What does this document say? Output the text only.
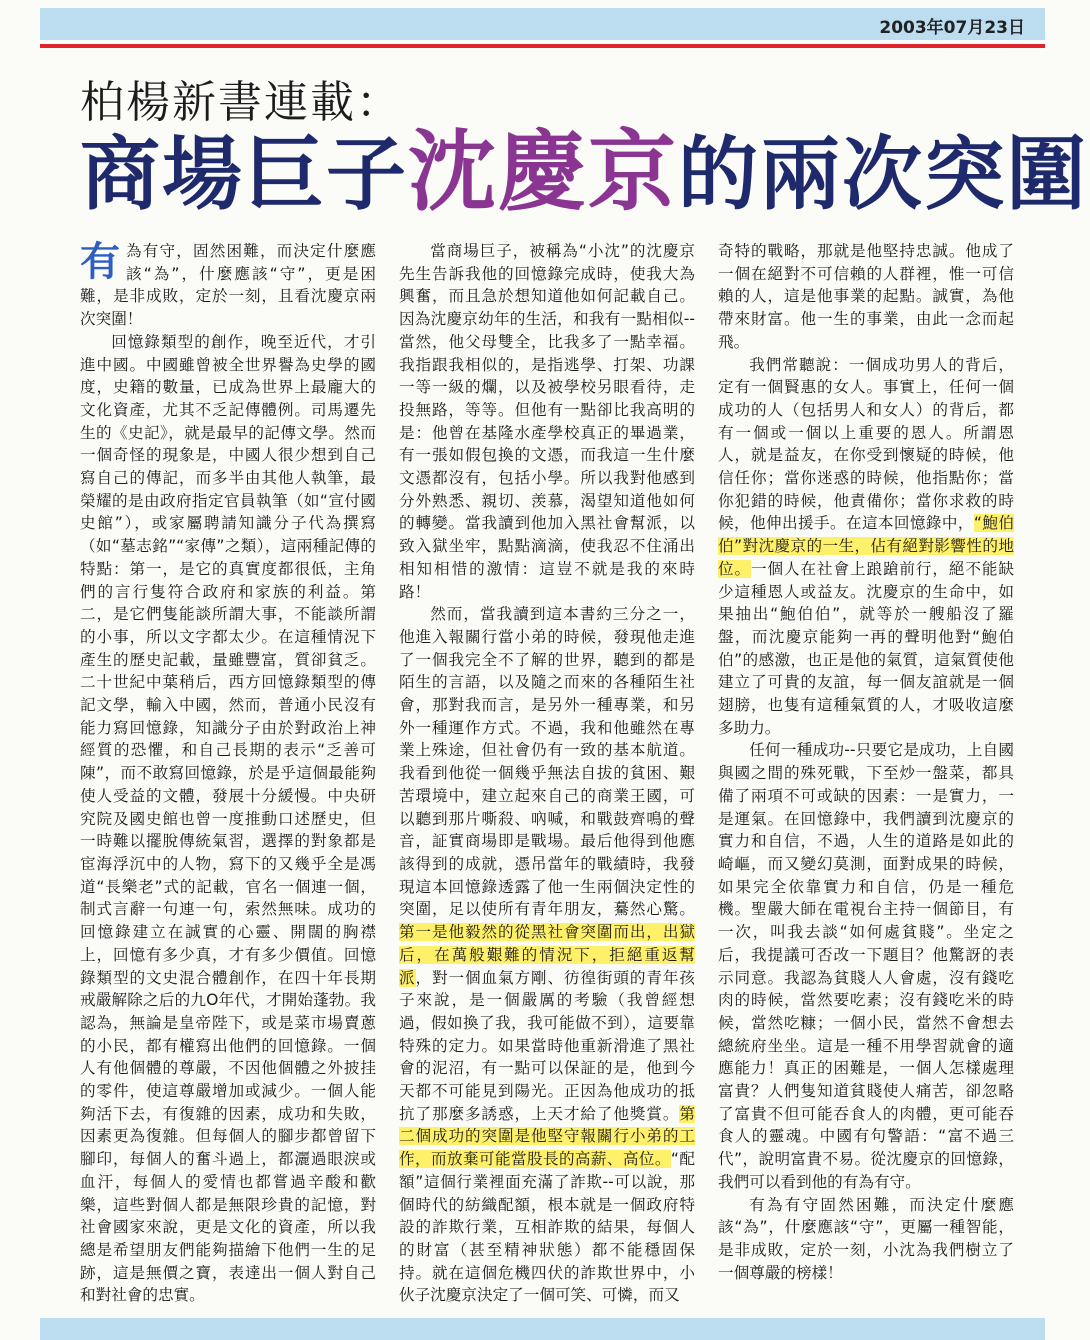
2003年07月23日
柏楊新書連載：
商場巨子沈慶京的兩次突圍

有為有守，固然困難，而決定什麼應該“為”，什麼應該“守”，更是困難，是非成敗，定於一刻，且看沈慶京兩次突圍！

回憶錄類型的創作，晚至近代，才引進中國。中國雖曾被全世界譽為史學的國度，史籍的數量，已成為世界上最龐大的文化資產，尤其不乏記傳體例。司馬遷先生的《史記》，就是最早的記傳文學。然而一個奇怪的現象是，中國人很少想到自己寫自己的傳記，而多半由其他人執筆，最榮耀的是由政府指定官員執筆（如“宣付國史館”），或家屬聘請知識分子代為撰寫（如“墓志銘”“家傳”之類），這兩種記傳的特點：第一，是它的真實度都很低，主角們的言行隻符合政府和家族的利益。第二，是它們隻能談所謂大事，不能談所謂的小事，所以文字都太少。在這種情況下產生的歷史記載，量雖豐富，質卻貧乏。二十世紀中葉稍后，西方回憶錄類型的傳記文學，輸入中國，然而，普通小民沒有能力寫回憶錄，知識分子由於對政治上神經質的恐懼，和自己長期的表示“乏善可陳”，而不敢寫回憶錄，於是乎這個最能夠使人受益的文體，發展十分緩慢。中央研究院及國史館也曾一度推動口述歷史，但一時難以擺脫傳統氣習，選擇的對象都是宦海浮沉中的人物，寫下的又幾乎全是馮道“長樂老”式的記載，官名一個連一個，制式言辭一句連一句，索然無味。成功的回憶錄建立在誠實的心靈、開闊的胸襟上，回憶有多少真，才有多少價值。回憶錄類型的文史混合體創作，在四十年長期戒嚴解除之后的九O年代，才開始蓬勃。我認為，無論是皇帝陛下，或是菜市場賣蔥的小民，都有權寫出他們的回憶錄。一個人有他個體的尊嚴，不因他個體之外披挂的零件，使這尊嚴增加或減少。一個人能夠活下去，有復雜的因素，成功和失敗，因素更為復雜。但每個人的腳步都曾留下腳印，每個人的奮斗過上，都灑過眼淚或血汗，每個人的愛情也都嘗過辛酸和歡樂，這些對個人都是無限珍貴的記憶，對社會國家來說，更是文化的資產，所以我總是希望朋友們能夠描繪下他們一生的足跡，這是無價之寶，表達出一個人對自己和對社會的忠實。

當商場巨子，被稱為“小沈”的沈慶京先生告訴我他的回憶錄完成時，使我大為興奮，而且急於想知道他如何記載自己。因為沈慶京幼年的生活，和我有一點相似--當然，他父母雙全，比我多了一點幸福。我指跟我相似的，是指逃學、打架、功課一等一級的爛，以及被學校另眼看待，走投無路，等等。但他有一點卻比我高明的是：他曾在基隆水產學校真正的畢過業，有一張如假包換的文憑，而我這一生什麼文憑都沒有，包括小學。所以我對他感到分外熟悉、親切、羡慕，渴望知道他如何的轉變。當我讀到他加入黑社會幫派，以致入獄坐牢，點點滴滴，使我忍不住涌出相知相惜的激情：這豈不就是我的來時路！

然而，當我讀到這本書約三分之一，他進入報關行當小弟的時候，發現他走進了一個我完全不了解的世界，聽到的都是陌生的言語，以及隨之而來的各種陌生社會，那對我而言，是另外一種專業，和另外一種運作方式。不過，我和他雖然在專業上殊途，但社會仍有一致的基本航道。我看到他從一個幾乎無法自拔的貧困、艱苦環境中，建立起來自己的商業王國，可以聽到那片嘶殺、吶喊，和戰鼓齊鳴的聲音，証實商場即是戰場。最后他得到他應該得到的成就，憑吊當年的戰績時，我發現這本回憶錄透露了他一生兩個決定性的突圍，足以使所有青年朋友，驀然心驚。第一是他毅然的從黑社會突圍而出，出獄后，在萬般艱難的情況下，拒絕重返幫派，對一個血氣方剛、彷徨街頭的青年孩子來說，是一個嚴厲的考驗（我曾經想過，假如換了我，我可能做不到），這要靠特殊的定力。如果當時他重新滑進了黑社會的泥沼，有一點可以保証的是，他到今天都不可能見到陽光。正因為他成功的抵抗了那麼多誘惑，上天才給了他獎賞。第二個成功的突圍是他堅守報關行小弟的工作，而放棄可能當股長的高薪、高位。“配額”這個行業裡面充滿了詐欺--可以說，那個時代的紡織配額，根本就是一個政府特設的詐欺行業，互相詐欺的結果，每個人的財富（甚至精神狀態）都不能穩固保持。就在這個危機四伏的詐欺世界中，小伙子沈慶京決定了一個可笑、可憐，而又

奇特的戰略，那就是他堅持忠誠。他成了一個在絕對不可信賴的人群裡，惟一可信賴的人，這是他事業的起點。誠實，為他帶來財富。他一生的事業，由此一念而起飛。

我們常聽說：一個成功男人的背后，定有一個賢惠的女人。事實上，任何一個成功的人（包括男人和女人）的背后，都有一個或一個以上重要的恩人。所謂恩人，就是益友，在你受到懷疑的時候，他信任你；當你迷惑的時候，他指點你；當你犯錯的時候，他責備你；當你求救的時候，他伸出援手。在這本回憶錄中，“鮑伯伯”對沈慶京的一生，佔有絕對影響性的地位。一個人在社會上踉蹌前行，絕不能缺少這種恩人或益友。沈慶京的生命中，如果抽出“鮑伯伯”，就等於一艘船沒了羅盤，而沈慶京能夠一再的聲明他對“鮑伯伯”的感激，也正是他的氣質，這氣質使他建立了可貴的友誼，每一個友誼就是一個翅膀，也隻有這種氣質的人，才吸收這麼多助力。

任何一種成功--只要它是成功，上自國與國之間的殊死戰，下至炒一盤菜，都具備了兩項不可或缺的因素：一是實力，一是運氣。在回憶錄中，我們讀到沈慶京的實力和自信，不過，人生的道路是如此的崎嶇，而又變幻莫測，面對成果的時候，如果完全依靠實力和自信，仍是一種危機。聖嚴大師在電視台主持一個節目，有一次，叫我去談“如何處貧賤”。坐定之后，我提議可否改一下題目？他驚訝的表示同意。我認為貧賤人人會處，沒有錢吃肉的時候，當然要吃素；沒有錢吃米的時候，當然吃糠；一個小民，當然不會想去總統府坐坐。這是一種不用學習就會的適應能力！真正的困難是，一個人怎樣處理富貴？人們隻知道貧賤使人痛苦，卻忽略了富貴不但可能吞食人的肉體，更可能吞食人的靈魂。中國有句警語：“富不過三代”，說明富貴不易。從沈慶京的回憶錄，我們可以看到他的有為有守。

有為有守固然困難，而決定什麼應該“為”，什麼應該“守”，更屬一種智能，是非成敗，定於一刻，小沈為我們樹立了一個尊嚴的榜樣！
